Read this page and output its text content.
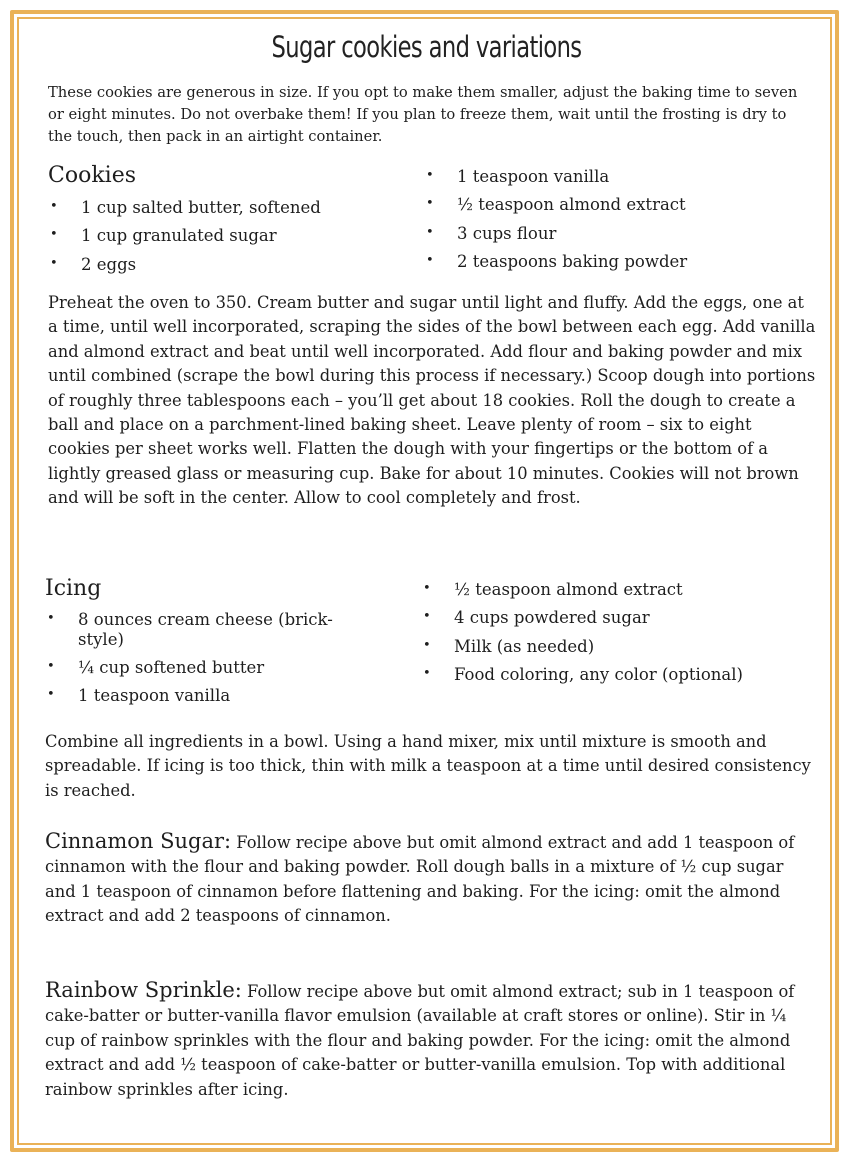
Sugar cookies and variations

These cookies are generous in size. If you opt to make them smaller, adjust the baking time to seven or eight minutes. Do not overbake them! If you plan to freeze them, wait until the frosting is dry to the touch, then pack in an airtight container.

Cookies
• 1 cup salted butter, softened
• 1 cup granulated sugar
• 2 eggs
• 1 teaspoon vanilla
• ½ teaspoon almond extract
• 3 cups flour
• 2 teaspoons baking powder

Preheat the oven to 350. Cream butter and sugar until light and fluffy. Add the eggs, one at a time, until well incorporated, scraping the sides of the bowl between each egg. Add vanilla and almond extract and beat until well incorporated. Add flour and baking powder and mix until combined (scrape the bowl during this process if necessary.) Scoop dough into portions of roughly three tablespoons each – you’ll get about 18 cookies. Roll the dough to create a ball and place on a parchment-lined baking sheet. Leave plenty of room – six to eight cookies per sheet works well. Flatten the dough with your fingertips or the bottom of a lightly greased glass or measuring cup. Bake for about 10 minutes. Cookies will not brown and will be soft in the center. Allow to cool completely and frost.

Icing
• 8 ounces cream cheese (brick-style)
• ¼ cup softened butter
• 1 teaspoon vanilla
• ½ teaspoon almond extract
• 4 cups powdered sugar
• Milk (as needed)
• Food coloring, any color (optional)

Combine all ingredients in a bowl. Using a hand mixer, mix until mixture is smooth and spreadable. If icing is too thick, thin with milk a teaspoon at a time until desired consistency is reached.

Cinnamon Sugar: Follow recipe above but omit almond extract and add 1 teaspoon of cinnamon with the flour and baking powder. Roll dough balls in a mixture of ½ cup sugar and 1 teaspoon of cinnamon before flattening and baking. For the icing: omit the almond extract and add 2 teaspoons of cinnamon.

Rainbow Sprinkle: Follow recipe above but omit almond extract; sub in 1 teaspoon of cake-batter or butter-vanilla flavor emulsion (available at craft stores or online). Stir in ¼ cup of rainbow sprinkles with the flour and baking powder. For the icing: omit the almond extract and add ½ teaspoon of cake-batter or butter-vanilla emulsion. Top with additional rainbow sprinkles after icing.
